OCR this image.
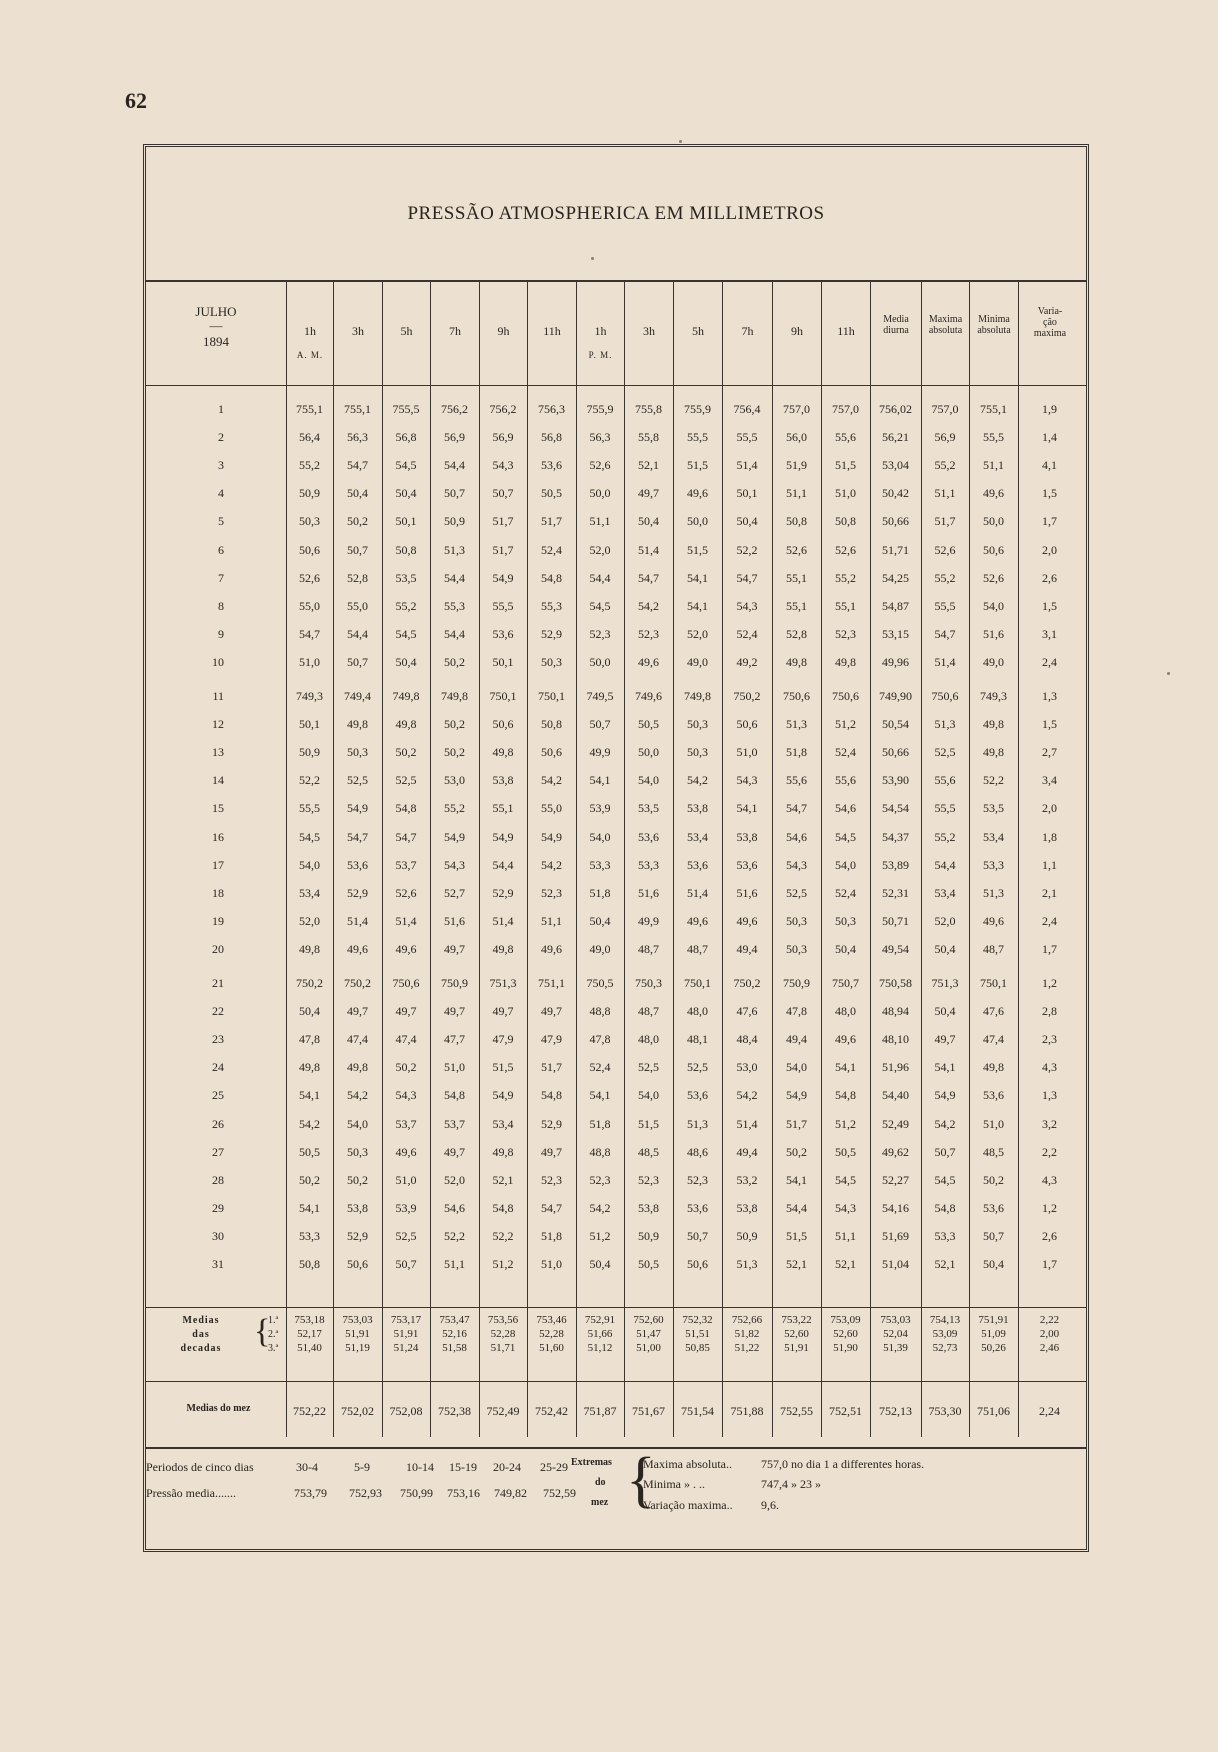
62
PRESSÃO ATMOSPHERICA EM MILLIMETROS
JULHO
—
1894
1h
A. M.
3h	5h	7h	9h	11h	1h
P. M.
3h	5h	7h	9h	11h
Media
diurna
Maxima
absoluta
Minima
absoluta
Varia-
ção
maxima
1	755,1	755,1	755,5	756,2	756,2	756,3	755,9	755,8	755,9	756,4	757,0	757,0	756,02	757,0	755,1	1,9
2	56,4	56,3	56,8	56,9	56,9	56,8	56,3	55,8	55,5	55,5	56,0	55,6	56,21	56,9	55,5	1,4
3	55,2	54,7	54,5	54,4	54,3	53,6	52,6	52,1	51,5	51,4	51,9	51,5	53,04	55,2	51,1	4,1
4	50,9	50,4	50,4	50,7	50,7	50,5	50,0	49,7	49,6	50,1	51,1	51,0	50,42	51,1	49,6	1,5
5	50,3	50,2	50,1	50,9	51,7	51,7	51,1	50,4	50,0	50,4	50,8	50,8	50,66	51,7	50,0	1,7
6	50,6	50,7	50,8	51,3	51,7	52,4	52,0	51,4	51,5	52,2	52,6	52,6	51,71	52,6	50,6	2,0
7	52,6	52,8	53,5	54,4	54,9	54,8	54,4	54,7	54,1	54,7	55,1	55,2	54,25	55,2	52,6	2,6
8	55,0	55,0	55,2	55,3	55,5	55,3	54,5	54,2	54,1	54,3	55,1	55,1	54,87	55,5	54,0	1,5
9	54,7	54,4	54,5	54,4	53,6	52,9	52,3	52,3	52,0	52,4	52,8	52,3	53,15	54,7	51,6	3,1
10	51,0	50,7	50,4	50,2	50,1	50,3	50,0	49,6	49,0	49,2	49,8	49,8	49,96	51,4	49,0	2,4
11	749,3	749,4	749,8	749,8	750,1	750,1	749,5	749,6	749,8	750,2	750,6	750,6	749,90	750,6	749,3	1,3
12	50,1	49,8	49,8	50,2	50,6	50,8	50,7	50,5	50,3	50,6	51,3	51,2	50,54	51,3	49,8	1,5
13	50,9	50,3	50,2	50,2	49,8	50,6	49,9	50,0	50,3	51,0	51,8	52,4	50,66	52,5	49,8	2,7
14	52,2	52,5	52,5	53,0	53,8	54,2	54,1	54,0	54,2	54,3	55,6	55,6	53,90	55,6	52,2	3,4
15	55,5	54,9	54,8	55,2	55,1	55,0	53,9	53,5	53,8	54,1	54,7	54,6	54,54	55,5	53,5	2,0
16	54,5	54,7	54,7	54,9	54,9	54,9	54,0	53,6	53,4	53,8	54,6	54,5	54,37	55,2	53,4	1,8
17	54,0	53,6	53,7	54,3	54,4	54,2	53,3	53,3	53,6	53,6	54,3	54,0	53,89	54,4	53,3	1,1
18	53,4	52,9	52,6	52,7	52,9	52,3	51,8	51,6	51,4	51,6	52,5	52,4	52,31	53,4	51,3	2,1
19	52,0	51,4	51,4	51,6	51,4	51,1	50,4	49,9	49,6	49,6	50,3	50,3	50,71	52,0	49,6	2,4
20	49,8	49,6	49,6	49,7	49,8	49,6	49,0	48,7	48,7	49,4	50,3	50,4	49,54	50,4	48,7	1,7
21	750,2	750,2	750,6	750,9	751,3	751,1	750,5	750,3	750,1	750,2	750,9	750,7	750,58	751,3	750,1	1,2
22	50,4	49,7	49,7	49,7	49,7	49,7	48,8	48,7	48,0	47,6	47,8	48,0	48,94	50,4	47,6	2,8
23	47,8	47,4	47,4	47,7	47,9	47,9	47,8	48,0	48,1	48,4	49,4	49,6	48,10	49,7	47,4	2,3
24	49,8	49,8	50,2	51,0	51,5	51,7	52,4	52,5	52,5	53,0	54,0	54,1	51,96	54,1	49,8	4,3
25	54,1	54,2	54,3	54,8	54,9	54,8	54,1	54,0	53,6	54,2	54,9	54,8	54,40	54,9	53,6	1,3
26	54,2	54,0	53,7	53,7	53,4	52,9	51,8	51,5	51,3	51,4	51,7	51,2	52,49	54,2	51,0	3,2
27	50,5	50,3	49,6	49,7	49,8	49,7	48,8	48,5	48,6	49,4	50,2	50,5	49,62	50,7	48,5	2,2
28	50,2	50,2	51,0	52,0	52,1	52,3	52,3	52,3	52,3	53,2	54,1	54,5	52,27	54,5	50,2	4,3
29	54,1	53,8	53,9	54,6	54,8	54,7	54,2	53,8	53,6	53,8	54,4	54,3	54,16	54,8	53,6	1,2
30	53,3	52,9	52,5	52,2	52,2	51,8	51,2	50,9	50,7	50,9	51,5	51,1	51,69	53,3	50,7	2,6
31	50,8	50,6	50,7	51,1	51,2	51,0	50,4	50,5	50,6	51,3	52,1	52,1	51,04	52,1	50,4	1,7
Medias
das
decadas {
1.ª
2.ª
3.ª
753,18	753,03	753,17	753,47	753,56	753,46	752,91	752,60	752,32	752,66	753,22	753,09	753,03	754,13	751,91	2,22
52,17	51,91	51,91	52,16	52,28	52,28	51,66	51,47	51,51	51,82	52,60	52,60	52,04	53,09	51,09	2,00
51,40	51,19	51,24	51,58	51,71	51,60	51,12	51,00	50,85	51,22	51,91	51,90	51,39	52,73	50,26	2,46
Medias do mez	752,22	752,02	752,08	752,38	752,49	752,42	751,87	751,67	751,54	751,88	752,55	752,51	752,13	753,30	751,06	2,24
Periodos de cinco dias	30-4	5-9	10-14 15-19 20-24 25-29
Pressão media.......	753,79 752,93 750,99 753,16 749,82 752,59
Extremas
do
mez {
Maxima absoluta.. 757,0 no dia 1 a differentes horas.
Minima » . ..	747,4 » 23 »
Variação maxima.. 9,6.
